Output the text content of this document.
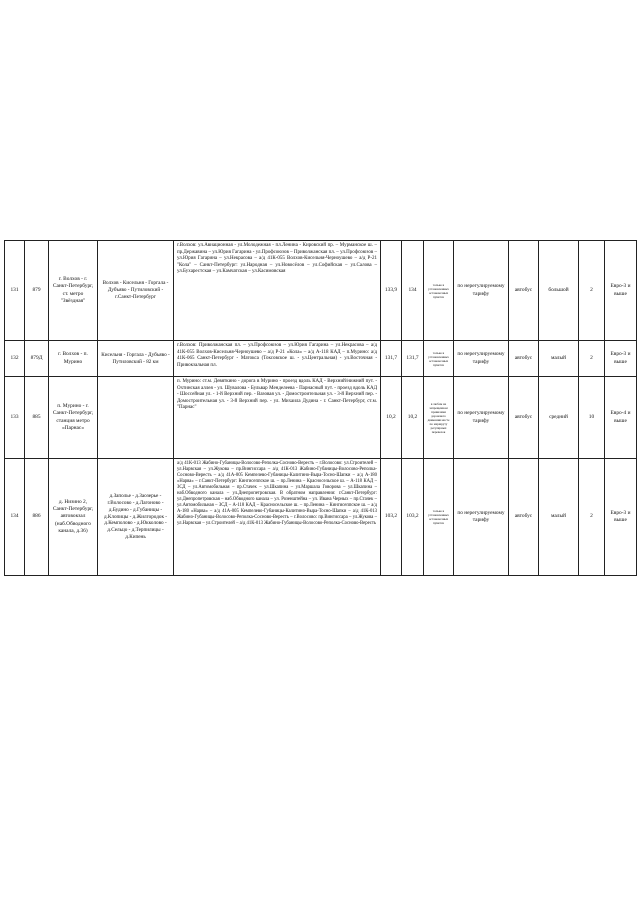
131	879	г. Волхов - г. Санкт-Петербург, ст. метро "Звёздная"	Волхов - Кисельня - Горгала - Дубъяво - Путиловский - г.Санкт-Петербург	г.Волхов: ул.Авиационная - ул.Молодежная - пл.Ленина - Кировский пр. – Мурманское ш. – пр.Державина – ул.Юрия Гагарина - ул.Профсоюзов – Приволжанская пл. – ул.Профсоюзов – ул.Юрия Гагарина – ул.Некрасова – а/д 41К-055 Волхов-Кисельня-Черноушево – а/д Р-21 "Кола" – Санкт-Петербург: ул.Народная – ул.Новосёлов – ул.Софийская – ул.Салова – ул.Бухарестская – ул.Камчатская – ул.Касимовская	133,9	134	только в установленных остановочных пунктах	по нерегулируемому тарифу	автобус	большой	2	Евро-3 и выше
132	879Д	г. Волхов - п. Мурино	Кисельня - Горгала - Дубъяво - Путиловский - 82 км	г.Волхов: Приволжанская пл. – ул.Профсоюзов – ул.Юрия Гагарина – ул.Некрасова – а/д 41К-055 Волхов-Кисельня-Черноушево – а/д Р-21 «Кола» – а/д А-118 КАД – п.Мурино: а/д 41К-065 Санкт-Петербург - Матокса (Токсовское ш. - ул.Центральная) - ул.Восточная - Привокзальная пл.	131,7	131,7	только в установленных остановочных пунктах	по нерегулируемому тарифу	автобус	малый	2	Евро-3 и выше
133	885	п. Мурино - г. Санкт-Петербург, станция метро «Парнас»		п. Мурино: ст.м. Девяткино - дорога в Мурино - проезд вдоль КАД - Верхний/нижний пут. - Охтинская аллея - ул. Шувалова - Бульвар Менделеева - Парнасный пут. - проезд вдоль КАД - Шоссейная ул. - 1-й Верхний пер. - Вазовая ул. - Домостроительная ул. - 3-й Верхний пер. - Домостроительная ул. - 3-й Верхний пер. - ул. Михаила Дудина - г. Санкт-Петербург, ст.м. "Парнас"	10,2	10,2	в любом не запрещенном правилами дорожного движения месте по маршруту регулярных перевозок	по нерегулируемому тарифу	автобус	средний	10	Евро-4 и выше
134	886	д. Низино 2, Санкт-Петербург, автовокзал (наб.Обводного канала, д.36)	д.Заполье - д.Заозерье - г.Волосово - д.Лагоново - д.Будино - д.Губаницы - д.Клопицы - д.Жилгородок - д.Кемполово - д.Юкколово - д.Сельцо - д.Терпилицы - д.Кипень	а/д 41К-013 Жабино-Губаницы-Волосово-Реполка-Сосново-Вересть – г.Волосово: ул.Строителей – ул.Нарвская – ул.Жукова – пр.Вингиссара – а/д 41К-013 Жабино-Губаницы-Волосово-Реполка-Сосново-Вересть – а/д 41А-005 Кемпелево-Губаницы-Калитино-Выра-Тосно-Шапки – а/д А-180 «Нарва» – г.Санкт-Петербург: Кингисеппское ш. – пр.Ленина – Красносельское ш. – А-118 КАД – ЗСД – ул.Автомобильная – пр.Стачек – ул.Шкапина – ул.Маршала Говорова – ул.Шкапина – наб.Обводного канала – ул.Днепропетровская. В обратном направлении: г.Санкт-Петербург: ул.Днепропетровская – наб.Обводного канала – ул. Розенштейна – ул. Ивана Черных – пр.Стачек – ул.Автомобильная – ЗСД – А-118 КАД – Красносельское ш. – пр.Ленина – Кингисеппское ш. – а/д А-180 «Нарва» – а/д 41А-005 Кемпелево-Губаницы-Калитино-Выра-Тосно-Шапки – а/д 41К-013 Жабино-Губаницы-Волосово-Реполка-Сосново-Вересть – г.Волосово: пр.Вингиссара – ул.Жукова – ул.Нарвская – ул.Строителей – а/д 41К-013 Жабино-Губаницы-Волосово-Реполка-Сосново-Вересть	103,2	103,2	только в установленных остановочных пунктах	по нерегулируемому тарифу	автобус	малый	2	Евро-3 и выше
